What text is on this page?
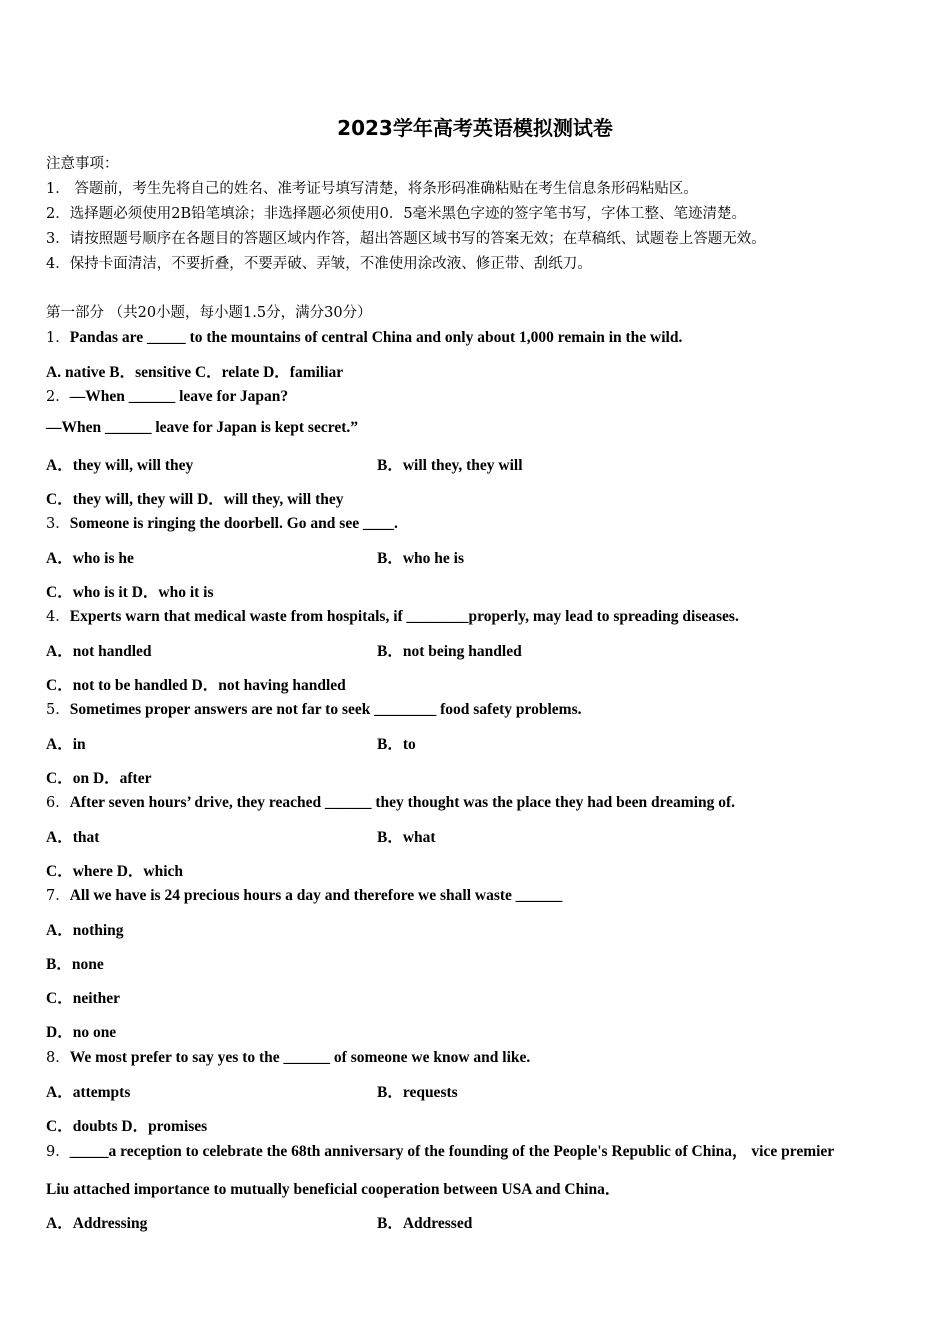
2023学年高考英语模拟测试卷
注意事项：
1． 答题前，考生先将自己的姓名、准考证号填写清楚，将条形码准确粘贴在考生信息条形码粘贴区。
2．选择题必须使用2B铅笔填涂；非选择题必须使用0．5毫米黑色字迹的签字笔书写，字体工整、笔迹清楚。
3．请按照题号顺序在各题目的答题区域内作答，超出答题区域书写的答案无效；在草稿纸、试题卷上答题无效。
4．保持卡面清洁，不要折叠，不要弄破、弄皱，不准使用涂改液、修正带、刮纸刀。
第一部分 （共20小题，每小题1.5分，满分30分）
1．Pandas are _____ to the mountains of central China and only about 1,000 remain in the wild.
A. native B．sensitive C．relate D．familiar
2．—When ______ leave for Japan?
—When ______ leave for Japan is kept secret.”
A．they will, will they	B．will they, they will
C．they will, they will D．will they, will they
3．Someone is ringing the doorbell. Go and see ____.
A．who is he	B．who he is
C．who is it D．who it is
4．Experts warn that medical waste from hospitals, if ________properly, may lead to spreading diseases.
A．not handled	B．not being handled
C．not to be handled D．not having handled
5．Sometimes proper answers are not far to seek ________ food safety problems.
A．in	B．to
C．on D．after
6．After seven hours’ drive, they reached ______ they thought was the place they had been dreaming of.
A．that	B．what
C．where D．which
7．All we have is 24 precious hours a day and therefore we shall waste ______
A．nothing
B．none
C．neither
D．no one
8．We most prefer to say yes to the ______ of someone we know and like.
A．attempts	B．requests
C．doubts D．promises
9．_____a reception to celebrate the 68th anniversary of the founding of the People's Republic of China， vice premier
Liu attached importance to mutually beneficial cooperation between USA and China．
A．Addressing	B．Addressed
